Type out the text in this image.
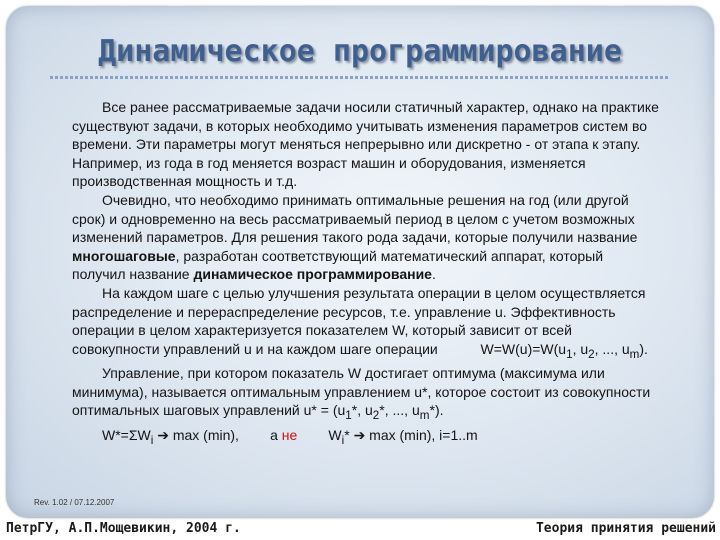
Динамическое программирование

Все ранее рассматриваемые задачи носили статичный характер, однако на практике существуют задачи, в которых необходимо учитывать изменения параметров систем во времени. Эти параметры могут меняться непрерывно или дискретно - от этапа к этапу. Например, из года в год меняется возраст машин и оборудования, изменяется производственная мощность и т.д.

Очевидно, что необходимо принимать оптимальные решения на год (или другой срок) и одновременно на весь рассматриваемый период в целом с учетом возможных изменений параметров. Для решения такого рода задачи, которые получили название многошаговые, разработан соответствующий математический аппарат, который получил название динамическое программирование.

На каждом шаге с целью улучшения результата операции в целом осуществляется распределение и перераспределение ресурсов, т.е. управление u. Эффективность операции в целом характеризуется показателем W, который зависит от всей совокупности управлений u и на каждом шаге операции	$W=W(u)=W(u_1$, $u_2$, ..., $u_m$).

Управление, при котором показатель W достигает оптимума (максимума или минимума), называется оптимальным управлением u*, которое состоит из совокупности оптимальных шаговых управлений $u* = (u_1*$, $u_2*$, ..., $u_m*$).

$W*=\Sigma W_i$ ➔ max (min), а не $W_i*$ ➔ max (min), i=1..m

Rev. 1.02 / 07.12.2007
ПетрГУ, А.П.Мощевикин, 2004 г.	Теория принятия решений
